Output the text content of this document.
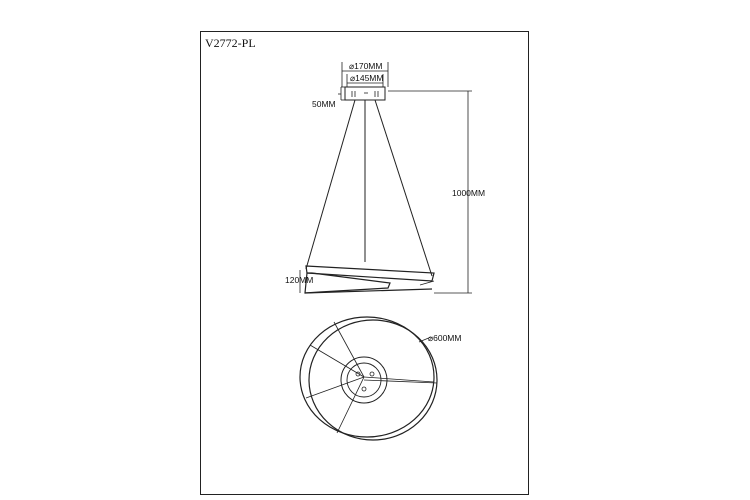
V2772-PL
⌀170MM
⌀145MM
50MM
1000MM
120MM
⌀600MM
